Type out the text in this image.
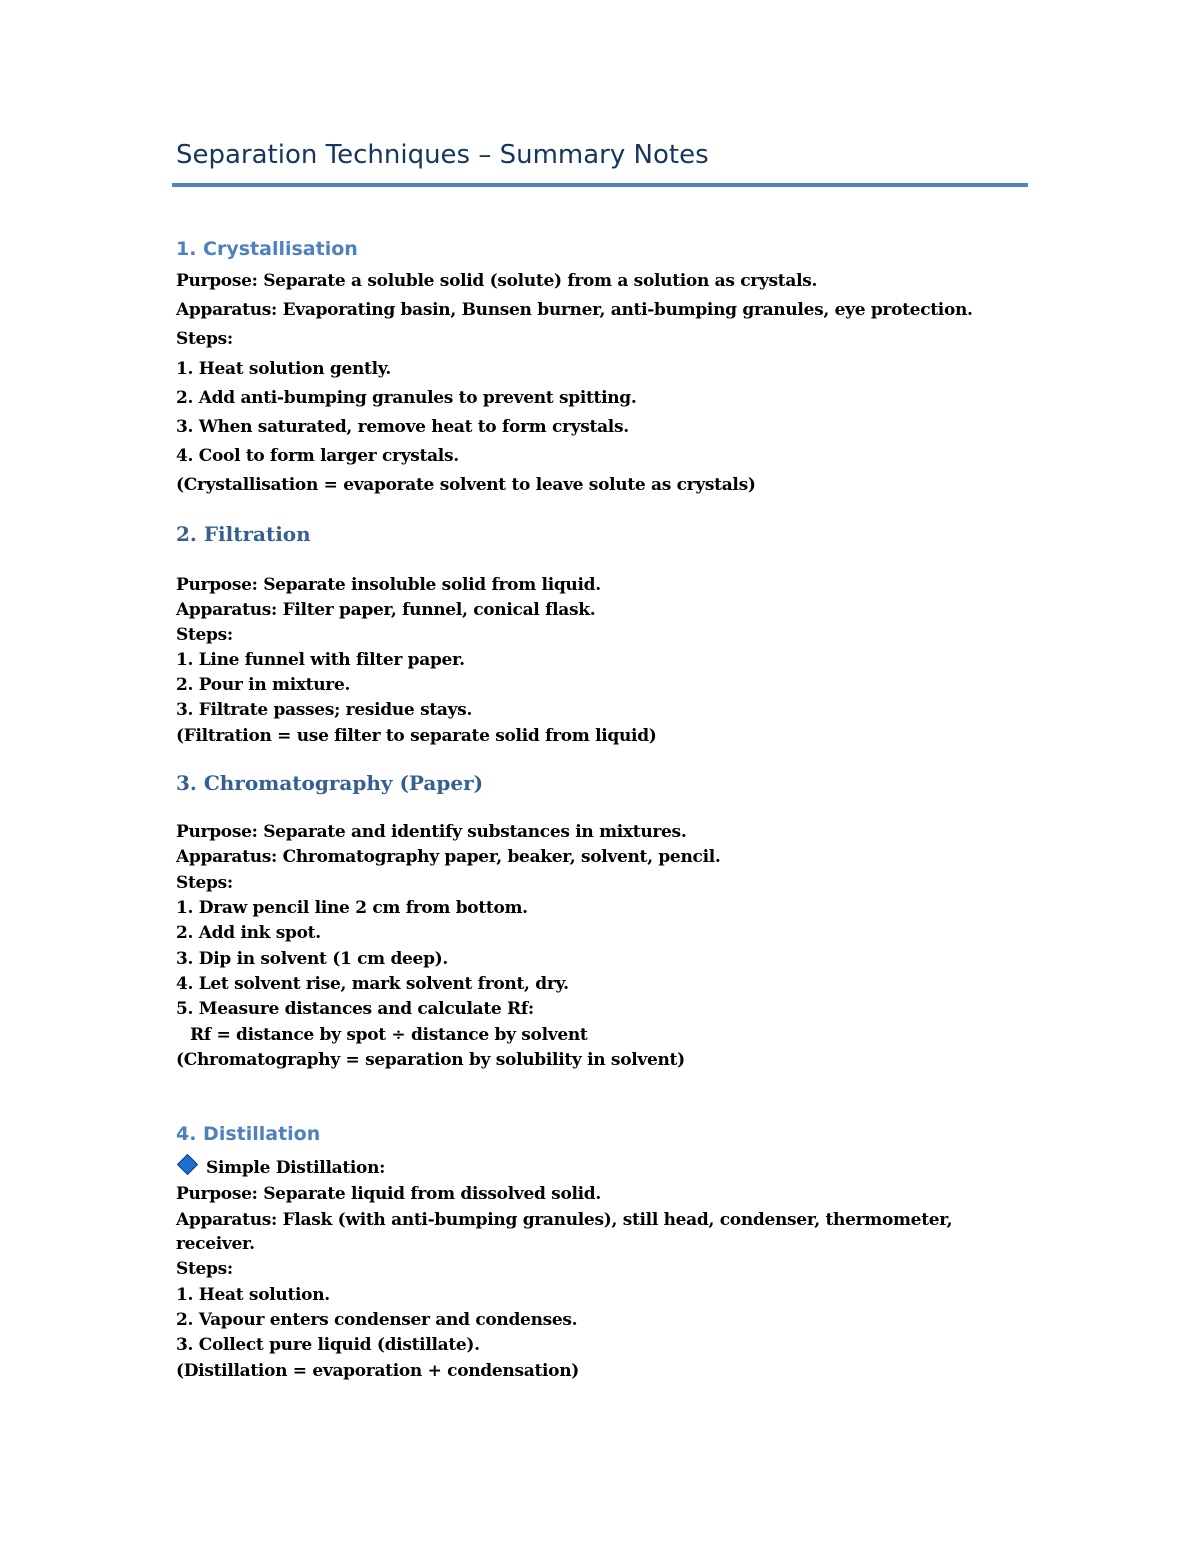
Separation Techniques – Summary Notes
1. Crystallisation
Purpose: Separate a soluble solid (solute) from a solution as crystals.
Apparatus: Evaporating basin, Bunsen burner, anti-bumping granules, eye protection.
Steps:
1. Heat solution gently.
2. Add anti-bumping granules to prevent spitting.
3. When saturated, remove heat to form crystals.
4. Cool to form larger crystals.
(Crystallisation = evaporate solvent to leave solute as crystals)
2. Filtration
Purpose: Separate insoluble solid from liquid.
Apparatus: Filter paper, funnel, conical flask.
Steps:
1. Line funnel with filter paper.
2. Pour in mixture.
3. Filtrate passes; residue stays.
(Filtration = use filter to separate solid from liquid)
3. Chromatography (Paper)
Purpose: Separate and identify substances in mixtures.
Apparatus: Chromatography paper, beaker, solvent, pencil.
Steps:
1. Draw pencil line 2 cm from bottom.
2. Add ink spot.
3. Dip in solvent (1 cm deep).
4. Let solvent rise, mark solvent front, dry.
5. Measure distances and calculate Rf:
Rf = distance by spot ÷ distance by solvent
(Chromatography = separation by solubility in solvent)
4. Distillation
Simple Distillation:
Purpose: Separate liquid from dissolved solid.
Apparatus: Flask (with anti-bumping granules), still head, condenser, thermometer,
receiver.
Steps:
1. Heat solution.
2. Vapour enters condenser and condenses.
3. Collect pure liquid (distillate).
(Distillation = evaporation + condensation)
